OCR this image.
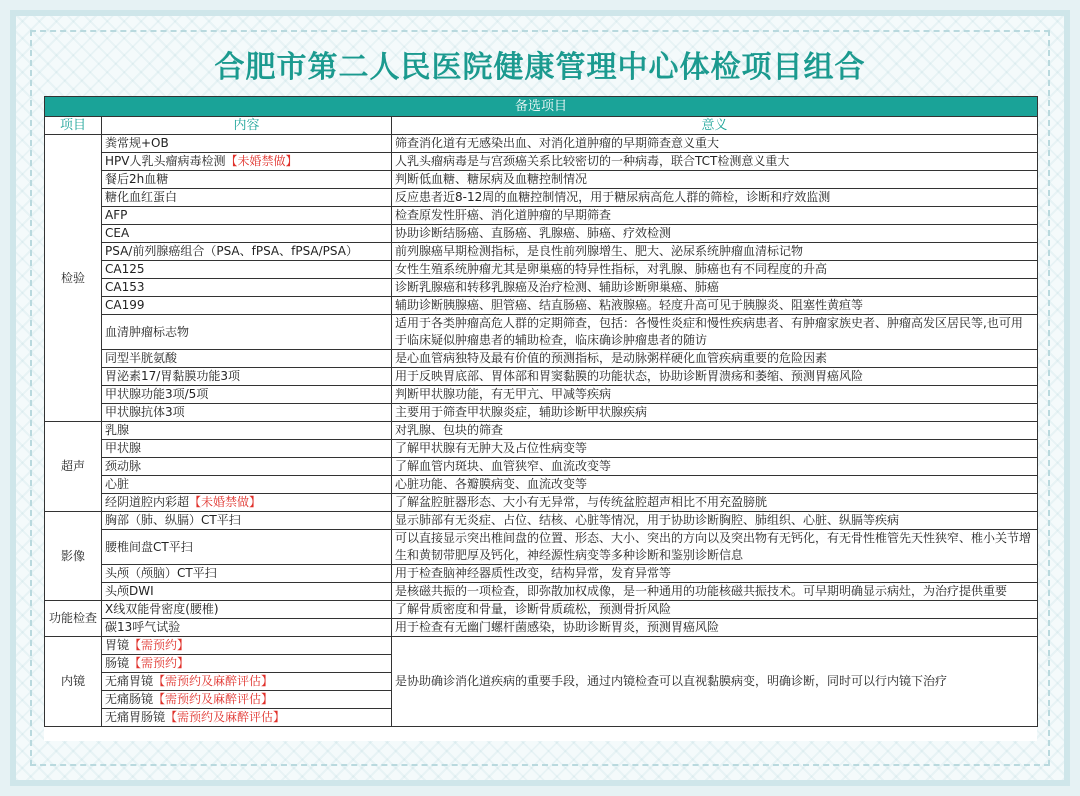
合肥市第二人民医院健康管理中心体检项目组合
备选项目		
项目	内容	意义
检验	粪常规+OB	筛查消化道有无感染出血、对消化道肿瘤的早期筛查意义重大
	HPV人乳头瘤病毒检测【未婚禁做】	人乳头瘤病毒是与宫颈癌关系比较密切的一种病毒，联合TCT检测意义重大
	餐后2h血糖	判断低血糖、糖尿病及血糖控制情况
	糖化血红蛋白	反应患者近8-12周的血糖控制情况，用于糖尿病高危人群的筛检，诊断和疗效监测
	AFP	检查原发性肝癌、消化道肿瘤的早期筛查
	CEA	协助诊断结肠癌、直肠癌、乳腺癌、肺癌、疗效检测
	PSA/前列腺癌组合（PSA、fPSA、fPSA/PSA）	前列腺癌早期检测指标，是良性前列腺增生、肥大、泌尿系统肿瘤血清标记物
	CA125	女性生殖系统肿瘤尤其是卵巢癌的特异性指标，对乳腺、肺癌也有不同程度的升高
	CA153	诊断乳腺癌和转移乳腺癌及治疗检测、辅助诊断卵巢癌、肺癌
	CA199	辅助诊断胰腺癌、胆管癌、结直肠癌、粘液腺癌。轻度升高可见于胰腺炎、阻塞性黄疸等
	血清肿瘤标志物	适用于各类肿瘤高危人群的定期筛查，包括：各慢性炎症和慢性疾病患者、有肿瘤家族史者、肿瘤高发区居民等,也可用于临床疑似肿瘤患者的辅助检查，临床确诊肿瘤患者的随访
	同型半胱氨酸	是心血管病独特及最有价值的预测指标，是动脉粥样硬化血管疾病重要的危险因素
	胃泌素17/胃黏膜功能3项	用于反映胃底部、胃体部和胃窦黏膜的功能状态，协助诊断胃溃疡和萎缩、预测胃癌风险
	甲状腺功能3项/5项	判断甲状腺功能，有无甲亢、甲减等疾病
	甲状腺抗体3项	主要用于筛查甲状腺炎症，辅助诊断甲状腺疾病
超声	乳腺	对乳腺、包块的筛查
	甲状腺	了解甲状腺有无肿大及占位性病变等
	颈动脉	了解血管内斑块、血管狭窄、血流改变等
	心脏	心脏功能、各瓣膜病变、血流改变等
	经阴道腔内彩超【未婚禁做】	了解盆腔脏器形态、大小有无异常，与传统盆腔超声相比不用充盈膀胱
影像	胸部（肺、纵膈）CT平扫	显示肺部有无炎症、占位、结核、心脏等情况，用于协助诊断胸腔、肺组织、心脏、纵膈等疾病
	腰椎间盘CT平扫	可以直接显示突出椎间盘的位置、形态、大小、突出的方向以及突出物有无钙化，有无骨性椎管先天性狭窄、椎小关节增生和黄韧带肥厚及钙化，神经源性病变等多种诊断和鉴别诊断信息
	头颅（颅脑）CT平扫	用于检查脑神经器质性改变，结构异常，发育异常等
	头颅DWI	是核磁共振的一项检查，即弥散加权成像，是一种通用的功能核磁共振技术。可早期明确显示病灶，为治疗提供重要
功能检查	X线双能骨密度(腰椎)	了解骨质密度和骨量，诊断骨质疏松，预测骨折风险
	碳13呼气试验	用于检查有无幽门螺杆菌感染，协助诊断胃炎，预测胃癌风险
内镜	胃镜【需预约】	是协助确诊消化道疾病的重要手段，通过内镜检查可以直视黏膜病变，明确诊断，同时可以行内镜下治疗
	肠镜【需预约】	
	无痛胃镜【需预约及麻醉评估】	
	无痛肠镜【需预约及麻醉评估】	
	无痛胃肠镜【需预约及麻醉评估】	
